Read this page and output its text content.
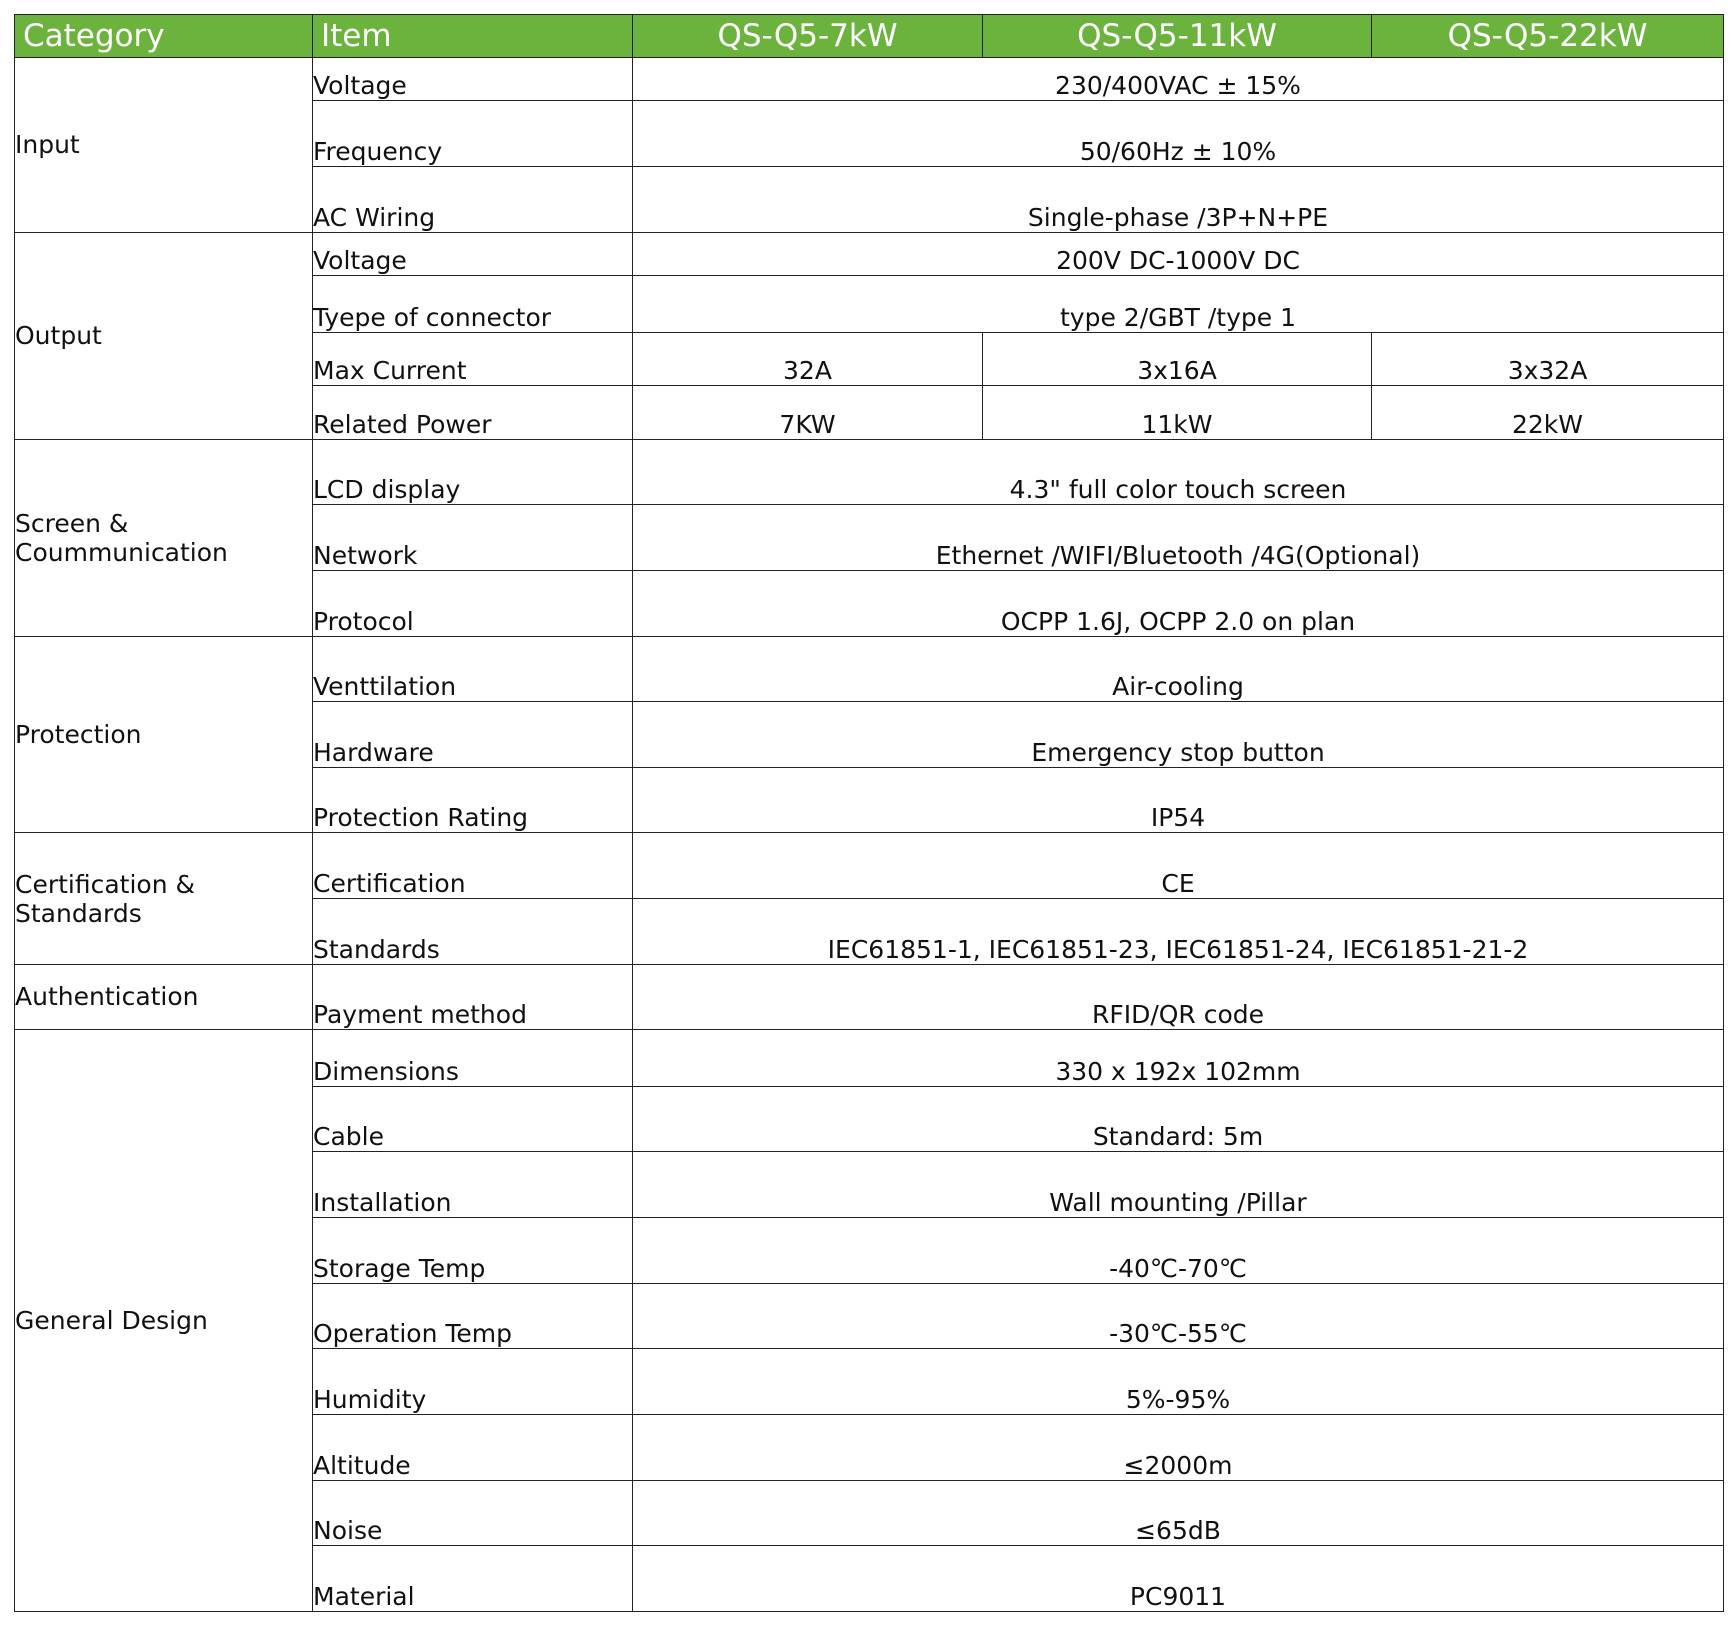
Category	Item	QS-Q5-7kW	QS-Q5-11kW	QS-Q5-22kW
Input	Voltage	230/400VAC ± 15%		
	Frequency	50/60Hz ± 10%		
	AC Wiring	Single-phase /3P+N+PE		
Output	Voltage	200V DC-1000V DC		
	Tyepe of connector	type 2/GBT /type 1		
	Max Current	32A	3x16A	3x32A
	Related Power	7KW	11kW	22kW
Screen & Coummunication	LCD display	4.3" full color touch screen		
	Network	Ethernet /WIFI/Bluetooth /4G(Optional)		
	Protocol	OCPP 1.6J, OCPP 2.0 on plan		
Protection	Venttilation	Air-cooling		
	Hardware	Emergency stop button		
	Protection Rating	IP54		
Certification & Standards	Certification	CE		
	Standards	IEC61851-1, IEC61851-23, IEC61851-24, IEC61851-21-2		
Authentication	Payment method	RFID/QR code		
General Design	Dimensions	330 x 192x 102mm		
	Cable	Standard: 5m		
	Installation	Wall mounting /Pillar		
	Storage Temp	-40℃-70℃		
	Operation Temp	-30℃-55℃		
	Humidity	5%-95%		
	Altitude	≤2000m		
	Noise	≤65dB		
	Material	PC9011		
